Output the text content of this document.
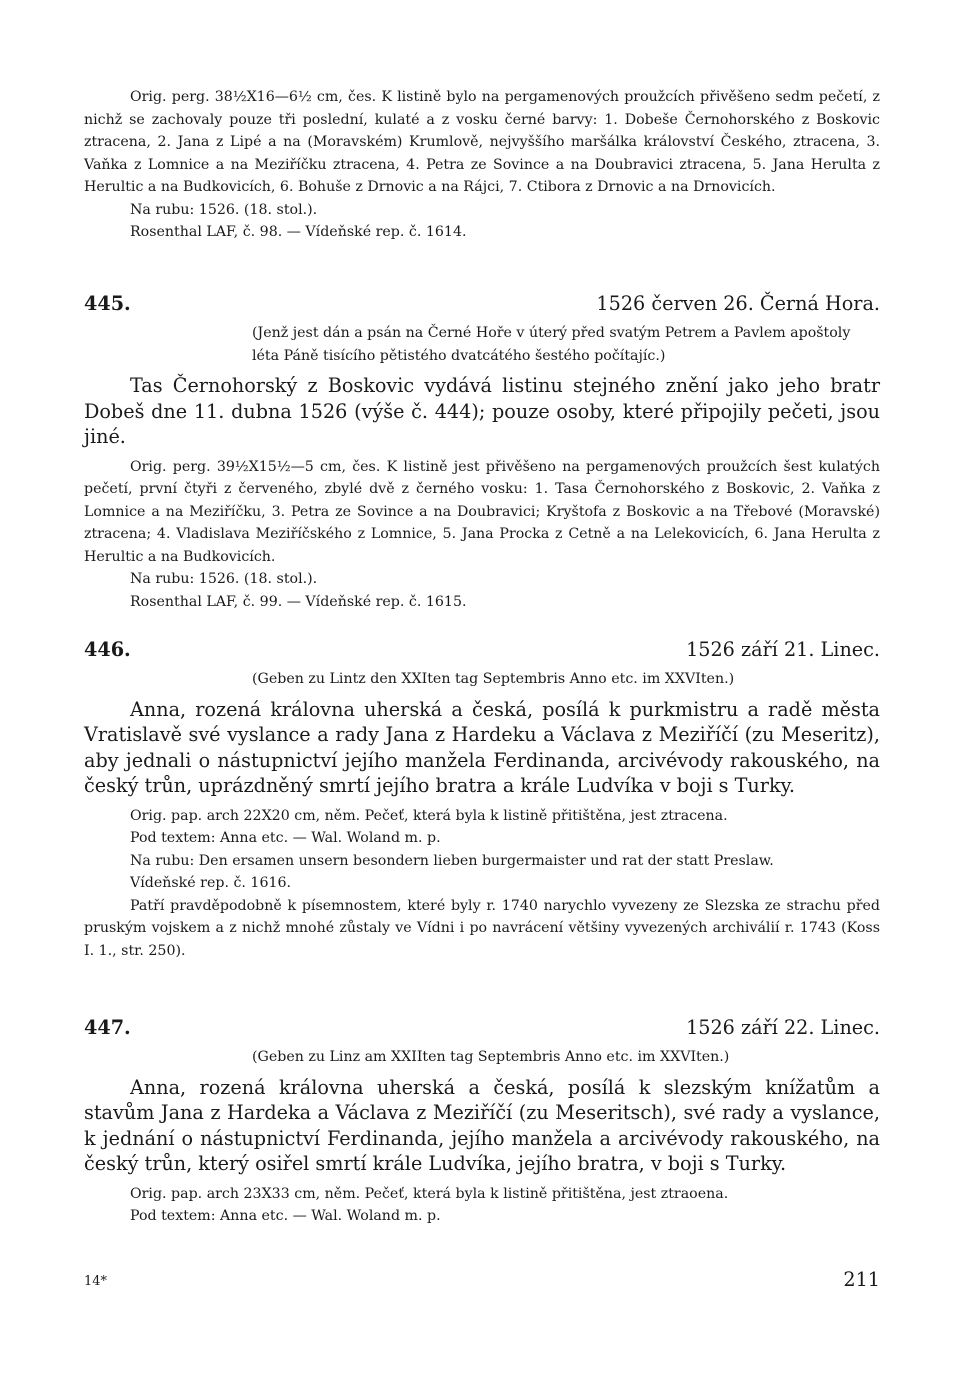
Orig. perg. 38½X16—6½ cm, čes. K listině bylo na pergamenových proužcích přivěšeno sedm pečetí, z nichž se zachovaly pouze tři poslední, kulaté a z vosku černé barvy: 1. Dobeše Černohorského z Boskovic ztracena, 2. Jana z Lipé a na (Moravském) Krumlově, nejvyššího maršálka království Českého, ztracena, 3. Vaňka z Lomnice a na Meziříčku ztracena, 4. Petra ze Sovince a na Doubravici ztracena, 5. Jana Herulta z Herultic a na Budkovicích, 6. Bohuše z Drnovic a na Rájci, 7. Ctibora z Drnovic a na Drnovicích.

Na rubu: 1526. (18. stol.).

Rosenthal LAF, č. 98. — Vídeňské rep. č. 1614.

445.	1526 červen 26. Černá Hora.

(Jenž jest dán a psán na Černé Hoře v úterý před svatým Petrem a Pavlem apoštoly léta Páně tisícího pětistého dvatcátého šestého počítajíc.)

Tas Černohorský z Boskovic vydává listinu stejného znění jako jeho bratr Dobeš dne 11. dubna 1526 (výše č. 444); pouze osoby, které připojily pečeti, jsou jiné.

Orig. perg. 39½X15½—5 cm, čes. K listině jest přivěšeno na pergamenových proužcích šest kulatých pečetí, první čtyři z červeného, zbylé dvě z černého vosku: 1. Tasa Černohorského z Boskovic, 2. Vaňka z Lomnice a na Meziříčku, 3. Petra ze Sovince a na Doubravici; Kryštofa z Boskovic a na Třebové (Moravské) ztracena; 4. Vladislava Meziříčského z Lomnice, 5. Jana Procka z Cetně a na Lelekovicích, 6. Jana Herulta z Herultic a na Budkovicích.

Na rubu: 1526. (18. stol.).

Rosenthal LAF, č. 99. — Vídeňské rep. č. 1615.

446.	1526 září 21. Linec.

(Geben zu Lintz den XXIten tag Septembris Anno etc. im XXVIten.)

Anna, rozená královna uherská a česká, posílá k purkmistru a radě města Vratislavě své vyslance a rady Jana z Hardeku a Václava z Meziříčí (zu Meseritz), aby jednali o nástupnictví jejího manžela Ferdinanda, arcivévody rakouského, na český trůn, uprázdněný smrtí jejího bratra a krále Ludvíka v boji s Turky.

Orig. pap. arch 22X20 cm, něm. Pečeť, která byla k listině přitištěna, jest ztracena.

Pod textem: Anna etc. — Wal. Woland m. p.

Na rubu: Den ersamen unsern besondern lieben burgermaister und rat der statt Preslaw.

Vídeňské rep. č. 1616.

Patří pravděpodobně k písemnostem, které byly r. 1740 narychlo vyvezeny ze Slezska ze strachu před pruským vojskem a z nichž mnohé zůstaly ve Vídni i po navrácení většiny vyvezených archiválií r. 1743 (Koss I. 1., str. 250).

447.	1526 září 22. Linec.

(Geben zu Linz am XXIIten tag Septembris Anno etc. im XXVIten.)

Anna, rozená královna uherská a česká, posílá k slezským knížatům a stavům Jana z Hardeka a Václava z Meziříčí (zu Meseritsch), své rady a vyslance, k jednání o nástupnictví Ferdinanda, jejího manžela a arcivévody rakouského, na český trůn, který osiřel smrtí krále Ludvíka, jejího bratra, v boji s Turky.

Orig. pap. arch 23X33 cm, něm. Pečeť, která byla k listině přitištěna, jest ztraoena.

Pod textem: Anna etc. — Wal. Woland m. p.

14*	211
